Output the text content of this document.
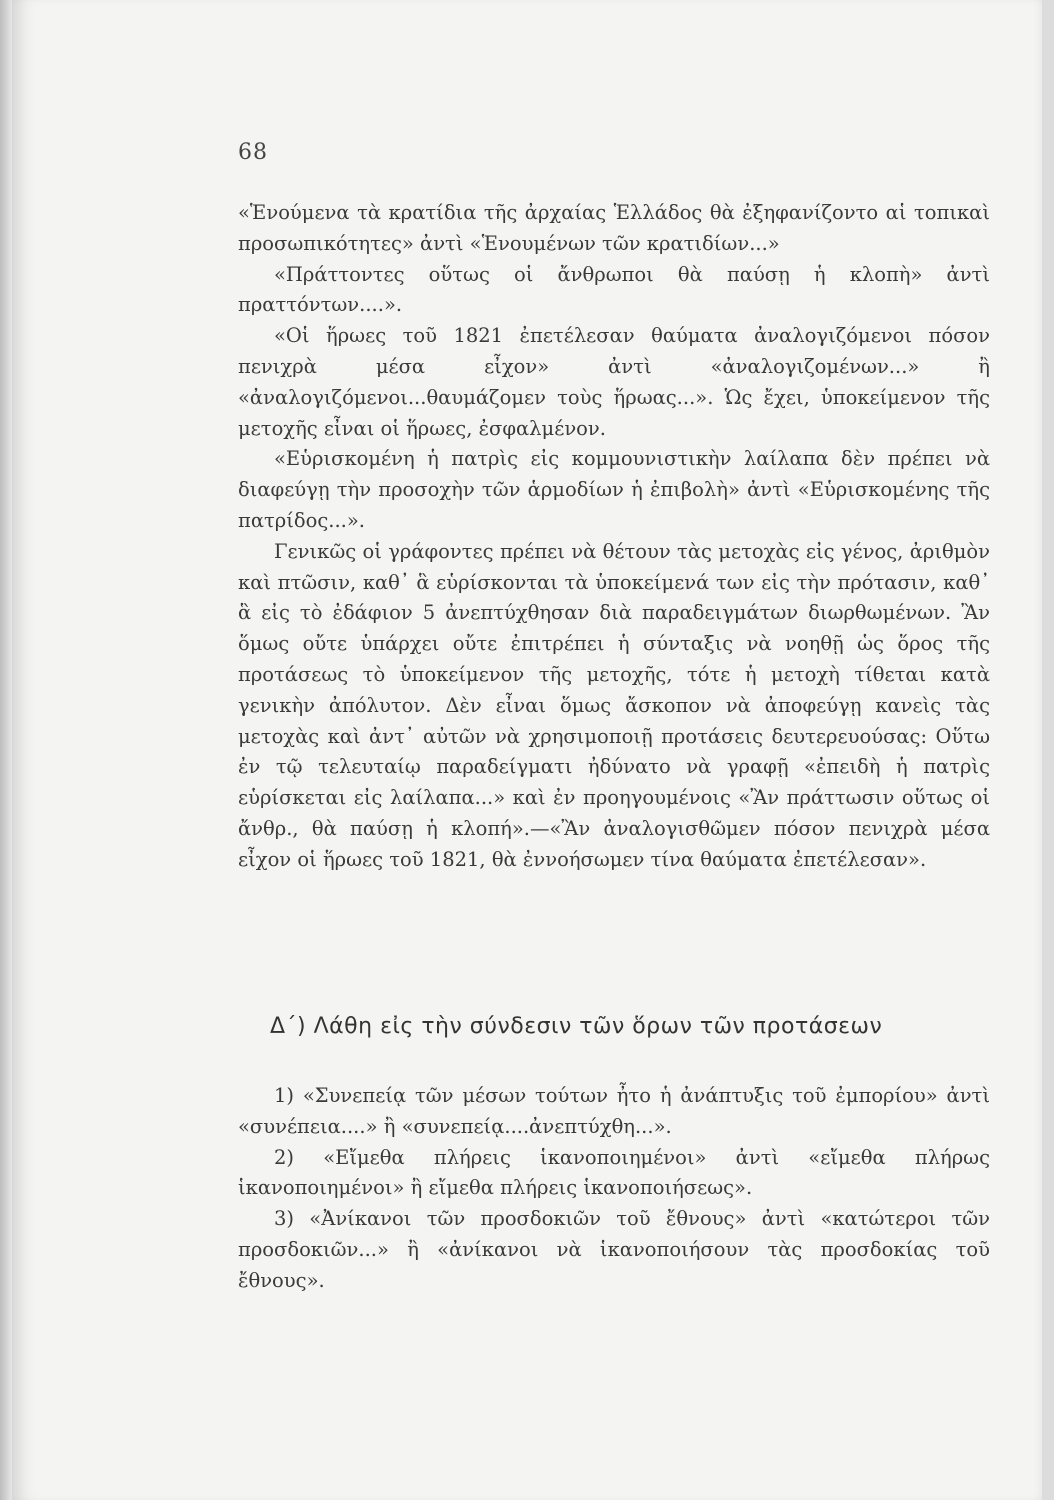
68

«Ἑνούμενα τὰ κρατίδια τῆς ἀρχαίας Ἑλλάδος θὰ ἐξηφανίζοντο αἱ τοπικαὶ προσωπικότητες» ἀντὶ «Ἑνουμένων τῶν κρατιδίων...»

«Πράττοντες οὕτως οἱ ἄνθρωποι θὰ παύσῃ ἡ κλοπὴ» ἀντὶ πραττόντων....».

«Οἱ ἥρωες τοῦ 1821 ἐπετέλεσαν θαύματα ἀναλογιζόμενοι πόσον πενιχρὰ μέσα εἶχον» ἀντὶ «ἀναλογιζομένων...» ἢ «ἀναλογιζόμενοι...θαυμάζομεν τοὺς ἥρωας...». Ὡς ἔχει, ὑποκείμενον τῆς μετοχῆς εἶναι οἱ ἥρωες, ἐσφαλμένον.

«Εὑρισκομένη ἡ πατρὶς εἰς κομμουνιστικὴν λαίλαπα δὲν πρέπει νὰ διαφεύγῃ τὴν προσοχὴν τῶν ἁρμοδίων ἡ ἐπιβολὴ» ἀντὶ «Εὑρισκομένης τῆς πατρίδος...».

Γενικῶς οἱ γράφοντες πρέπει νὰ θέτουν τὰς μετοχὰς εἰς γένος, ἀριθμὸν καὶ πτῶσιν, καθ᾽ ἃ εὑρίσκονται τὰ ὑποκείμενά των εἰς τὴν πρότασιν, καθ᾽ ἃ εἰς τὸ ἐδάφιον 5 ἀνεπτύχθησαν διὰ παραδειγμάτων διωρθωμένων. Ἂν ὅμως οὔτε ὑπάρχει οὔτε ἐπιτρέπει ἡ σύνταξις νὰ νοηθῇ ὡς ὅρος τῆς προτάσεως τὸ ὑποκείμενον τῆς μετοχῆς, τότε ἡ μετοχὴ τίθεται κατὰ γενικὴν ἀπόλυτον. Δὲν εἶναι ὅμως ἄσκοπον νὰ ἀποφεύγῃ κανεὶς τὰς μετοχὰς καὶ ἀντ᾽ αὐτῶν νὰ χρησιμοποιῇ προτάσεις δευτερευούσας: Οὕτω ἐν τῷ τελευταίῳ παραδείγματι ἠδύνατο νὰ γραφῇ «ἐπειδὴ ἡ πατρὶς εὑρίσκεται εἰς λαίλαπα...» καὶ ἐν προηγουμένοις «Ἂν πράττωσιν οὕτως οἱ ἄνθρ., θὰ παύσῃ ἡ κλοπή».—«Ἂν ἀναλογισθῶμεν πόσον πενιχρὰ μέσα εἶχον οἱ ἥρωες τοῦ 1821, θὰ ἐννοήσωμεν τίνα θαύματα ἐπετέλεσαν».

Δ´) Λάθη εἰς τὴν σύνδεσιν τῶν ὅρων τῶν προτάσεων

1) «Συνεπείᾳ τῶν μέσων τούτων ἦτο ἡ ἀνάπτυξις τοῦ ἐμπορίου» ἀντὶ «συνέπεια....» ἢ «συνεπείᾳ....ἀνεπτύχθη...».

2) «Εἴμεθα πλήρεις ἱκανοποιημένοι» ἀντὶ «εἴμεθα πλήρως ἱκανοποιημένοι» ἢ εἴμεθα πλήρεις ἱκανοποιήσεως».

3) «Ἀνίκανοι τῶν προσδοκιῶν τοῦ ἔθνους» ἀντὶ «κατώτεροι τῶν προσδοκιῶν...» ἢ «ἀνίκανοι νὰ ἱκανοποιήσουν τὰς προσδοκίας τοῦ ἔθνους».
